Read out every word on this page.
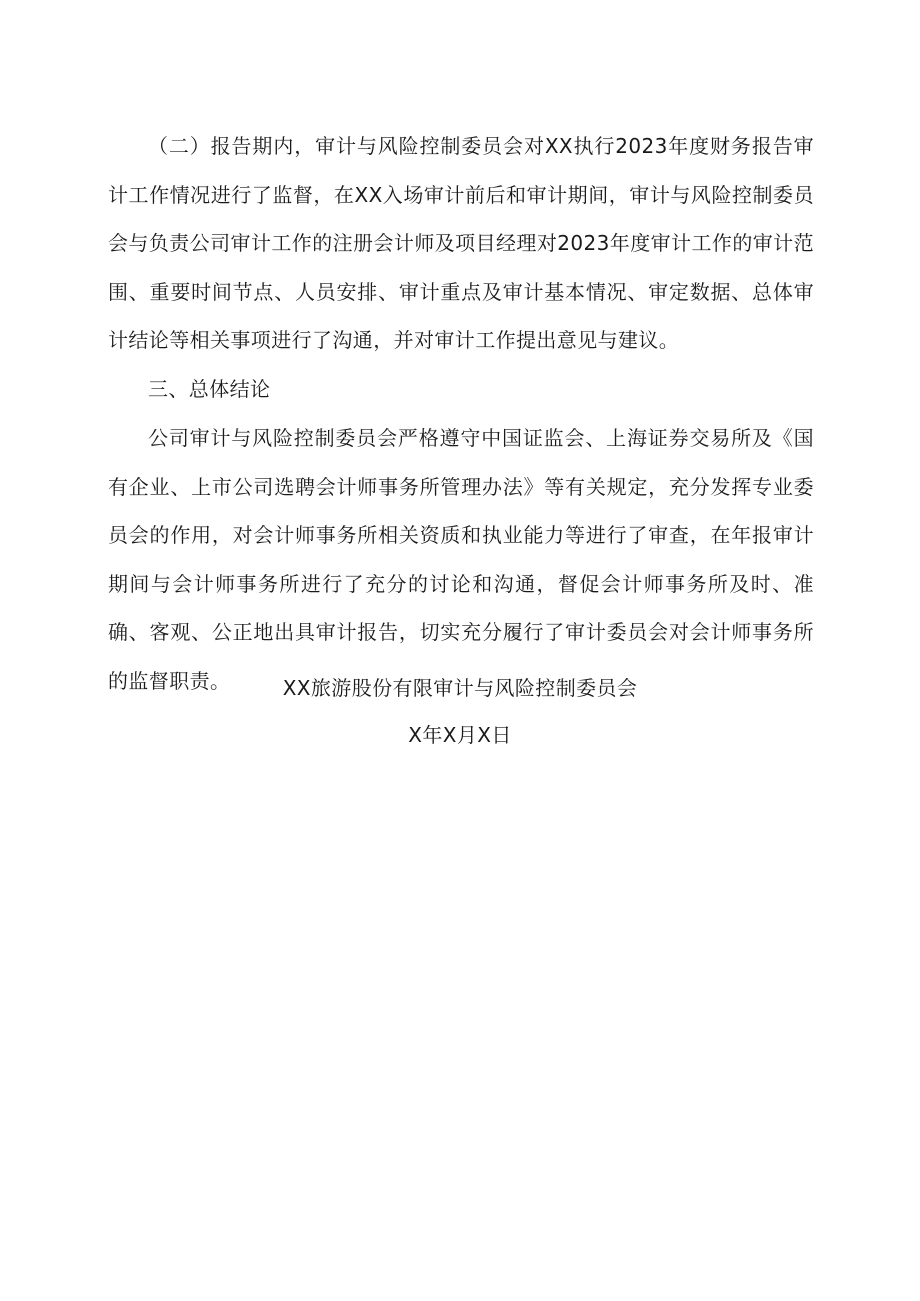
（二）报告期内，审计与风险控制委员会对XX执行2023年度财务报告审计工作情况进行了监督，在XX入场审计前后和审计期间，审计与风险控制委员会与负责公司审计工作的注册会计师及项目经理对2023年度审计工作的审计范围、重要时间节点、人员安排、审计重点及审计基本情况、审定数据、总体审计结论等相关事项进行了沟通，并对审计工作提出意见与建议。

三、总体结论

公司审计与风险控制委员会严格遵守中国证监会、上海证券交易所及《国有企业、上市公司选聘会计师事务所管理办法》等有关规定，充分发挥专业委员会的作用，对会计师事务所相关资质和执业能力等进行了审查，在年报审计期间与会计师事务所进行了充分的讨论和沟通，督促会计师事务所及时、准确、客观、公正地出具审计报告，切实充分履行了审计委员会对会计师事务所的监督职责。	XX旅游股份有限审计与风险控制委员会

X年X月X日
